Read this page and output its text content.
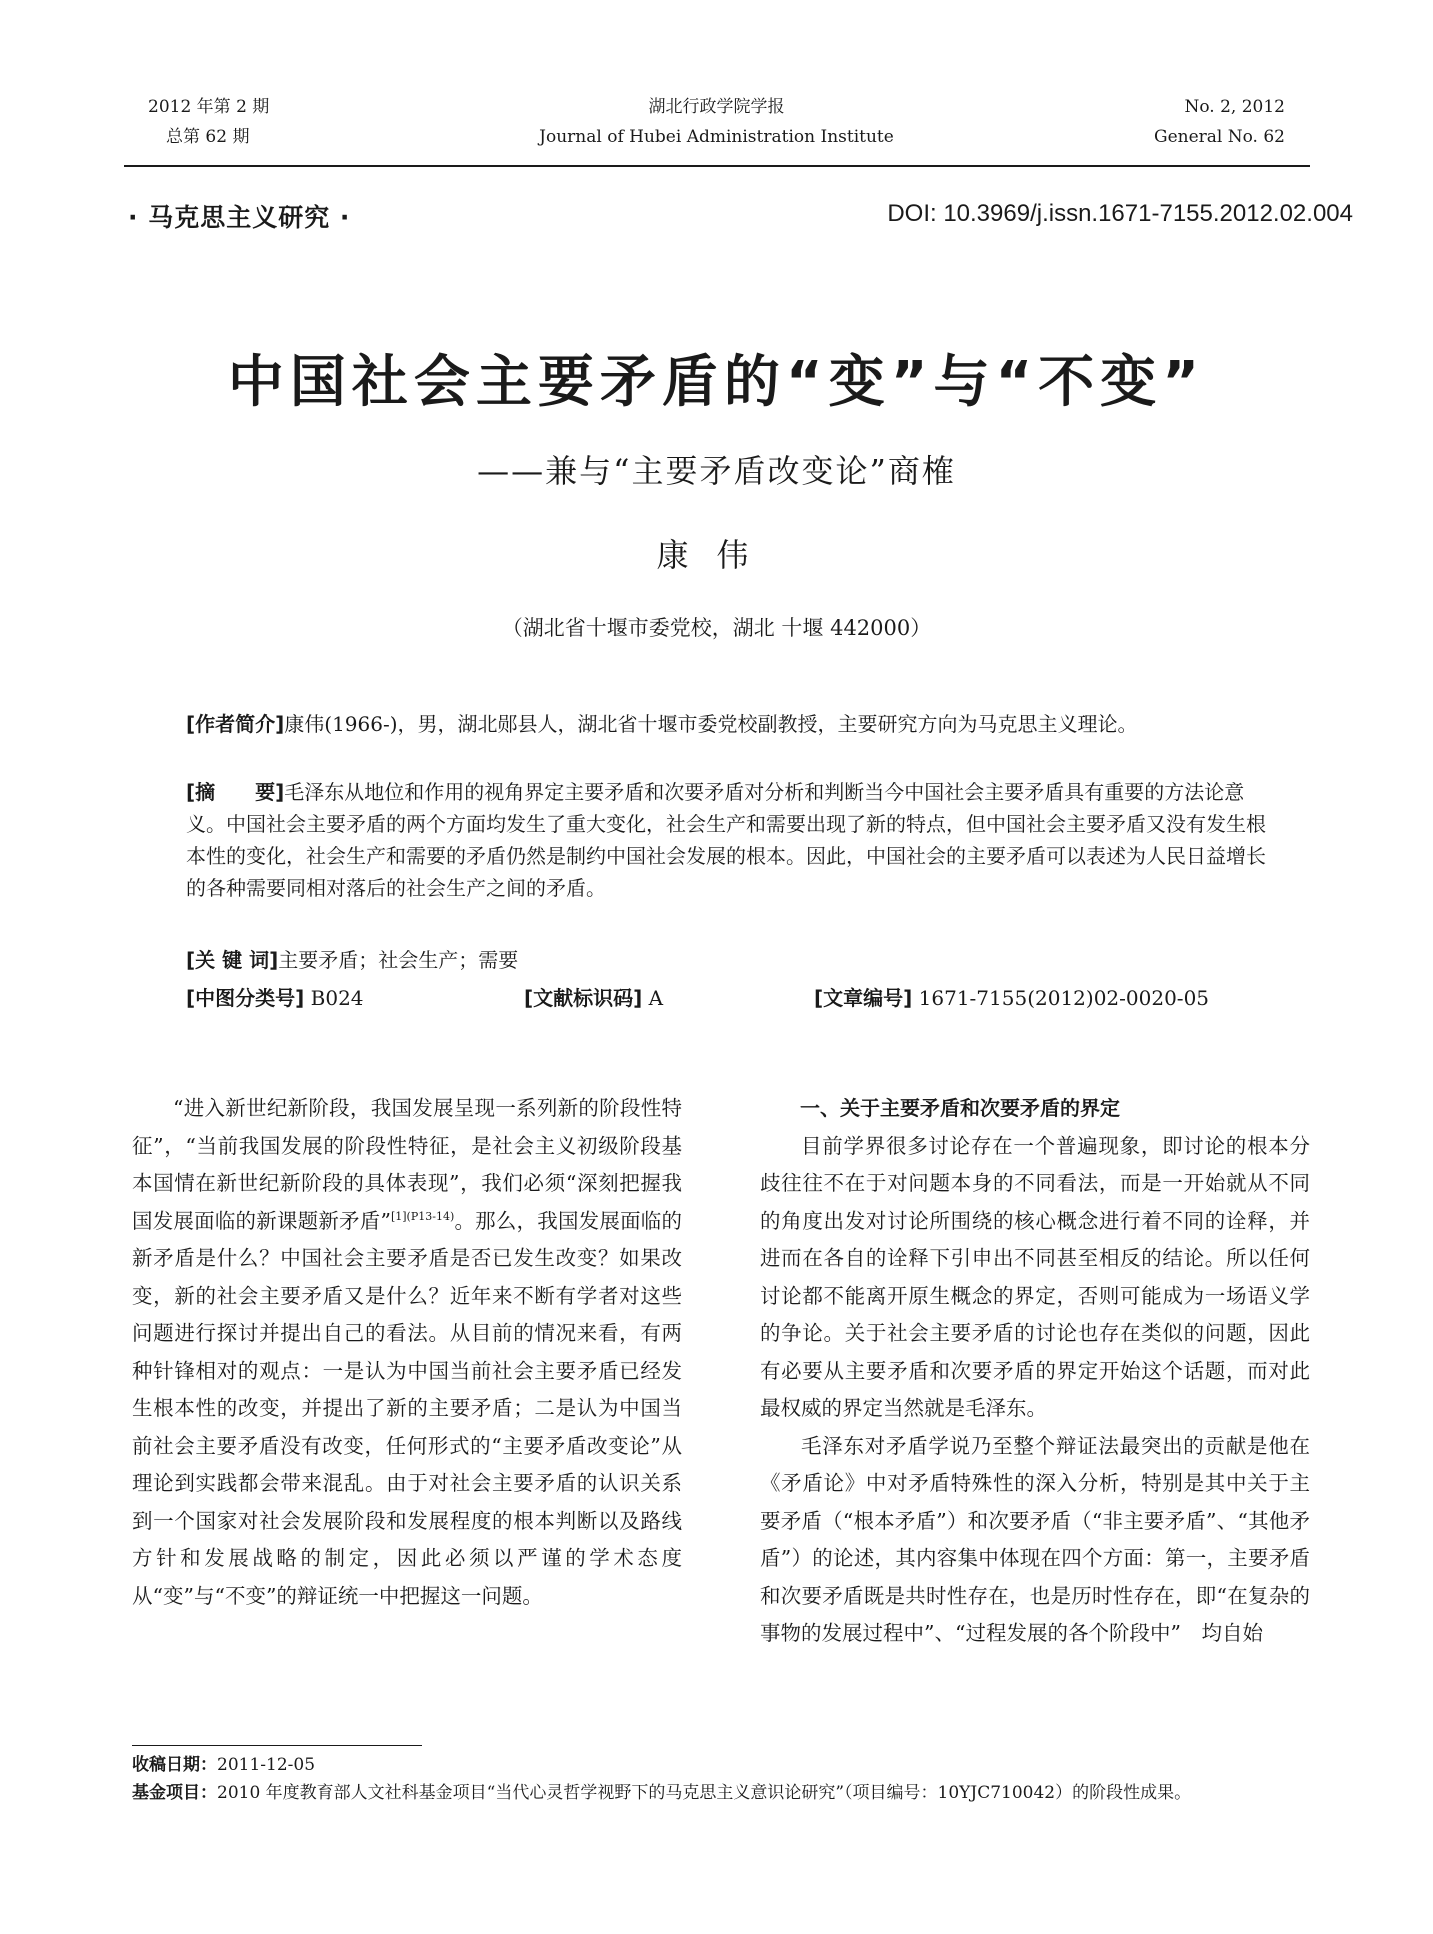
2012 年第 2 期
总第 62 期
湖北行政学院学报
Journal of Hubei Administration Institute
No. 2, 2012
General No. 62
· 马克思主义研究 ·	DOI: 10.3969/j.issn.1671-7155.2012.02.004
中国社会主要矛盾的“变”与“不变”
——兼与“主要矛盾改变论”商榷
康伟
（湖北省十堰市委党校，湖北 十堰 442000）
[作者简介]康伟(1966-)，男，湖北郧县人，湖北省十堰市委党校副教授，主要研究方向为马克思主义理论。
[摘　　要]毛泽东从地位和作用的视角界定主要矛盾和次要矛盾对分析和判断当今中国社会主要矛盾具有重要的方法论意义。中国社会主要矛盾的两个方面均发生了重大变化，社会生产和需要出现了新的特点，但中国社会主要矛盾又没有发生根本性的变化，社会生产和需要的矛盾仍然是制约中国社会发展的根本。因此，中国社会的主要矛盾可以表述为人民日益增长的各种需要同相对落后的社会生产之间的矛盾。
[关 键 词]主要矛盾；社会生产；需要
[中图分类号] B024	[文献标识码] A	[文章编号] 1671-7155(2012)02-0020-05

“进入新世纪新阶段，我国发展呈现一系列新的阶段性特征”，“当前我国发展的阶段性特征，是社会主义初级阶段基本国情在新世纪新阶段的具体表现”，我们必须“深刻把握我国发展面临的新课题新矛盾”$^{[1](P13-14)}$。那么，我国发展面临的新矛盾是什么？中国社会主要矛盾是否已发生改变？如果改变，新的社会主要矛盾又是什么？近年来不断有学者对这些问题进行探讨并提出自己的看法。从目前的情况来看，有两种针锋相对的观点：一是认为中国当前社会主要矛盾已经发生根本性的改变，并提出了新的主要矛盾；二是认为中国当前社会主要矛盾没有改变，任何形式的“主要矛盾改变论”从理论到实践都会带来混乱。由于对社会主要矛盾的认识关系到一个国家对社会发展阶段和发展程度的根本判断以及路线方针和发展战略的制定，因此必须以严谨的学术态度从“变”与“不变”的辩证统一中把握这一问题。

一、关于主要矛盾和次要矛盾的界定

目前学界很多讨论存在一个普遍现象，即讨论的根本分歧往往不在于对问题本身的不同看法，而是一开始就从不同的角度出发对讨论所围绕的核心概念进行着不同的诠释，并进而在各自的诠释下引申出不同甚至相反的结论。所以任何讨论都不能离开原生概念的界定，否则可能成为一场语义学的争论。关于社会主要矛盾的讨论也存在类似的问题，因此有必要从主要矛盾和次要矛盾的界定开始这个话题，而对此最权威的界定当然就是毛泽东。

毛泽东对矛盾学说乃至整个辩证法最突出的贡献是他在《矛盾论》中对矛盾特殊性的深入分析，特别是其中关于主要矛盾（“根本矛盾”）和次要矛盾（“非主要矛盾”、“其他矛盾”）的论述，其内容集中体现在四个方面：第一，主要矛盾和次要矛盾既是共时性存在，也是历时性存在，即“在复杂的事物的发展过程中”、“过程发展的各个阶段中”　均自始

收稿日期：2011-12-05
基金项目：2010 年度教育部人文社科基金项目“当代心灵哲学视野下的马克思主义意识论研究”（项目编号：10YJC710042）的阶段性成果。
